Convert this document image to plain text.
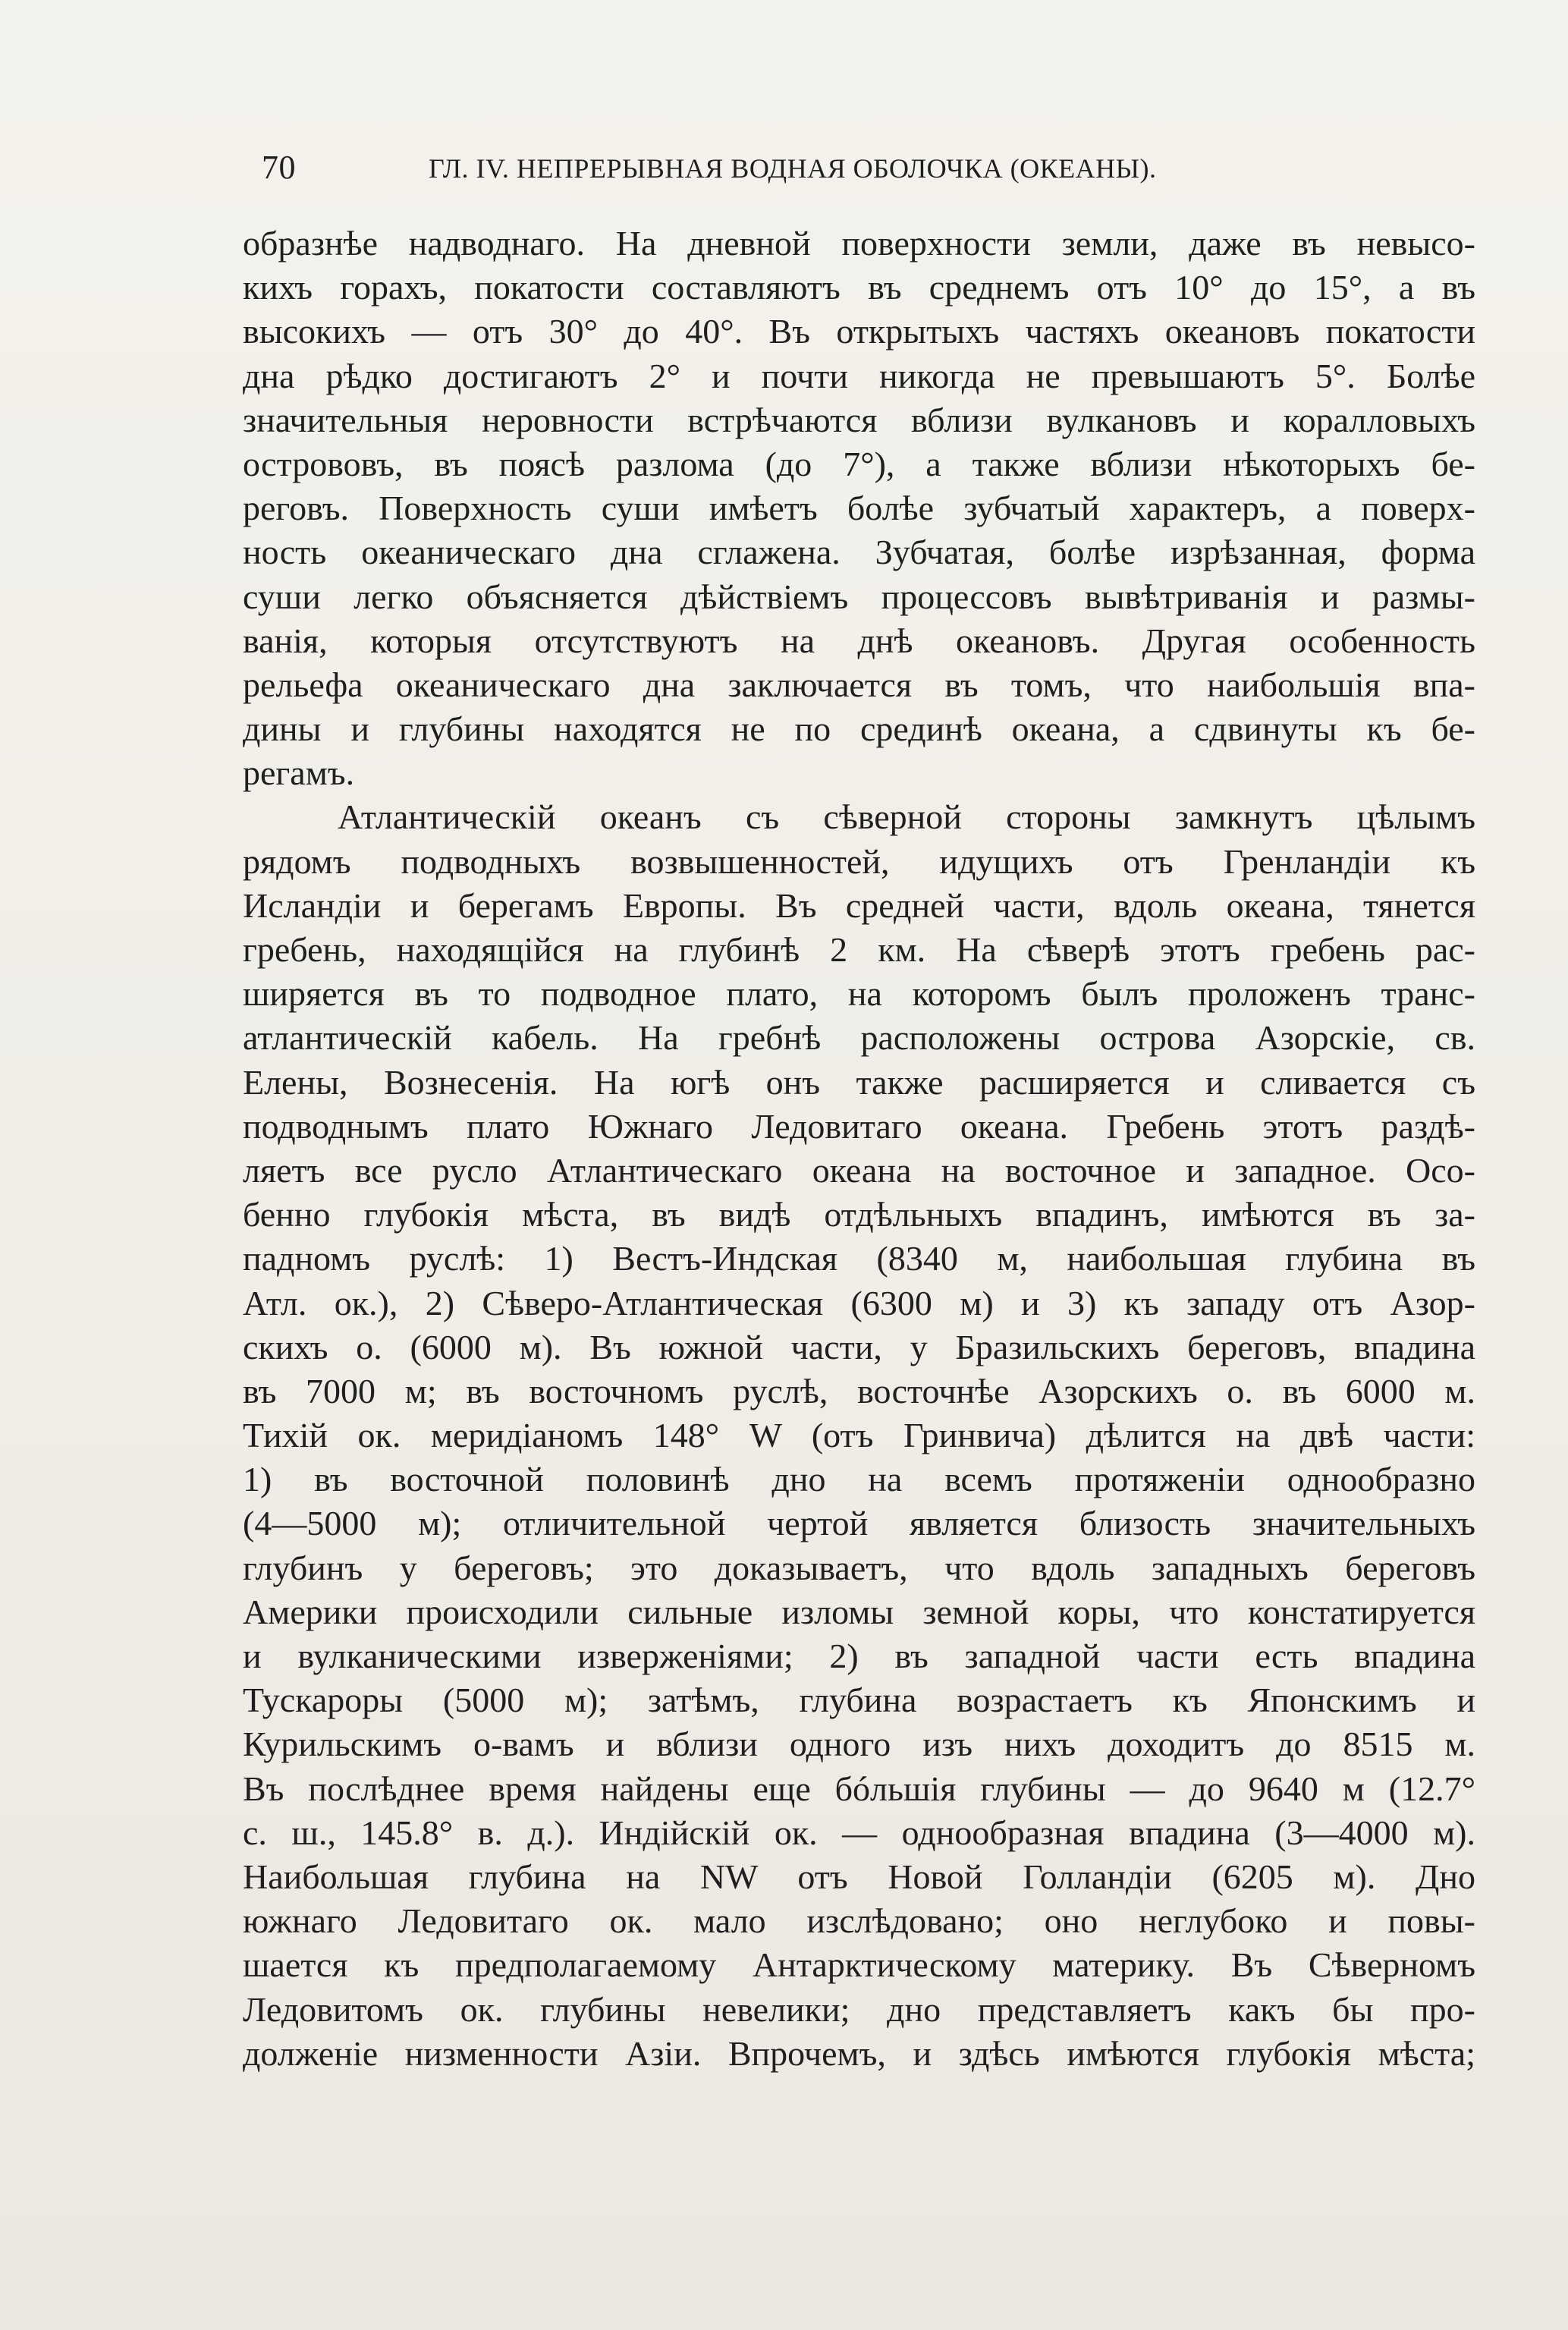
70	ГЛ. IV. НЕПРЕРЫВНАЯ ВОДНАЯ ОБОЛОЧКА (ОКЕАНЫ).
образнѣе надводнаго. На дневной поверхности земли, даже въ невысо-
кихъ горахъ, покатости составляютъ въ среднемъ отъ 10° до 15°, а въ
высокихъ — отъ 30° до 40°. Въ открытыхъ частяхъ океановъ покатости
дна рѣдко достигаютъ 2° и почти никогда не превышаютъ 5°. Болѣе
значительныя неровности встрѣчаются вблизи вулкановъ и коралловыхъ
острововъ, въ поясѣ разлома (до 7°), а также вблизи нѣкоторыхъ бе-
реговъ. Поверхность суши имѣетъ болѣе зубчатый характеръ, а поверх-
ность океаническаго дна сглажена. Зубчатая, болѣе изрѣзанная, форма
суши легко объясняется дѣйствіемъ процессовъ вывѣтриванія и размы-
ванія, которыя отсутствуютъ на днѣ океановъ. Другая особенность
рельефа океаническаго дна заключается въ томъ, что наибольшія впа-
дины и глубины находятся не по срединѣ океана, а сдвинуты къ бе-
регамъ.
Атлантическій океанъ съ сѣверной стороны замкнутъ цѣлымъ
рядомъ подводныхъ возвышенностей, идущихъ отъ Гренландіи къ
Исландіи и берегамъ Европы. Въ средней части, вдоль океана, тянется
гребень, находящійся на глубинѣ 2 км. На сѣверѣ этотъ гребень рас-
ширяется въ то подводное плато, на которомъ былъ проложенъ транс-
атлантическій кабель. На гребнѣ расположены острова Азорскіе, св.
Елены, Вознесенія. На югѣ онъ также расширяется и сливается съ
подводнымъ плато Южнаго Ледовитаго океана. Гребень этотъ раздѣ-
ляетъ все русло Атлантическаго океана на восточное и западное. Осо-
бенно глубокія мѣста, въ видѣ отдѣльныхъ впадинъ, имѣются въ за-
падномъ руслѣ: 1) Вестъ-Индская (8340 м, наибольшая глубина въ
Атл. ок.), 2) Сѣверо-Атлантическая (6300 м) и 3) къ западу отъ Азор-
скихъ о. (6000 м). Въ южной части, у Бразильскихъ береговъ, впадина
въ 7000 м; въ восточномъ руслѣ, восточнѣе Азорскихъ о. въ 6000 м.
Тихій ок. меридіаномъ 148° W (отъ Гринвича) дѣлится на двѣ части:
1) въ восточной половинѣ дно на всемъ протяженіи однообразно
(4—5000 м); отличительной чертой является близость значительныхъ
глубинъ у береговъ; это доказываетъ, что вдоль западныхъ береговъ
Америки происходили сильные изломы земной коры, что констатируется
и вулканическими изверженіями; 2) въ западной части есть впадина
Тускароры (5000 м); затѣмъ, глубина возрастаетъ къ Японскимъ и
Курильскимъ о-вамъ и вблизи одного изъ нихъ доходитъ до 8515 м.
Въ послѣднее время найдены еще бóльшія глубины — до 9640 м (12.7°
с. ш., 145.8° в. д.). Индійскій ок. — однообразная впадина (3—4000 м).
Наибольшая глубина на NW отъ Новой Голландіи (6205 м). Дно
южнаго Ледовитаго ок. мало изслѣдовано; оно неглубоко и повы-
шается къ предполагаемому Антарктическому материку. Въ Сѣверномъ
Ледовитомъ ок. глубины невелики; дно представляетъ какъ бы про-
долженіе низменности Азіи. Впрочемъ, и здѣсь имѣются глубокія мѣста;
